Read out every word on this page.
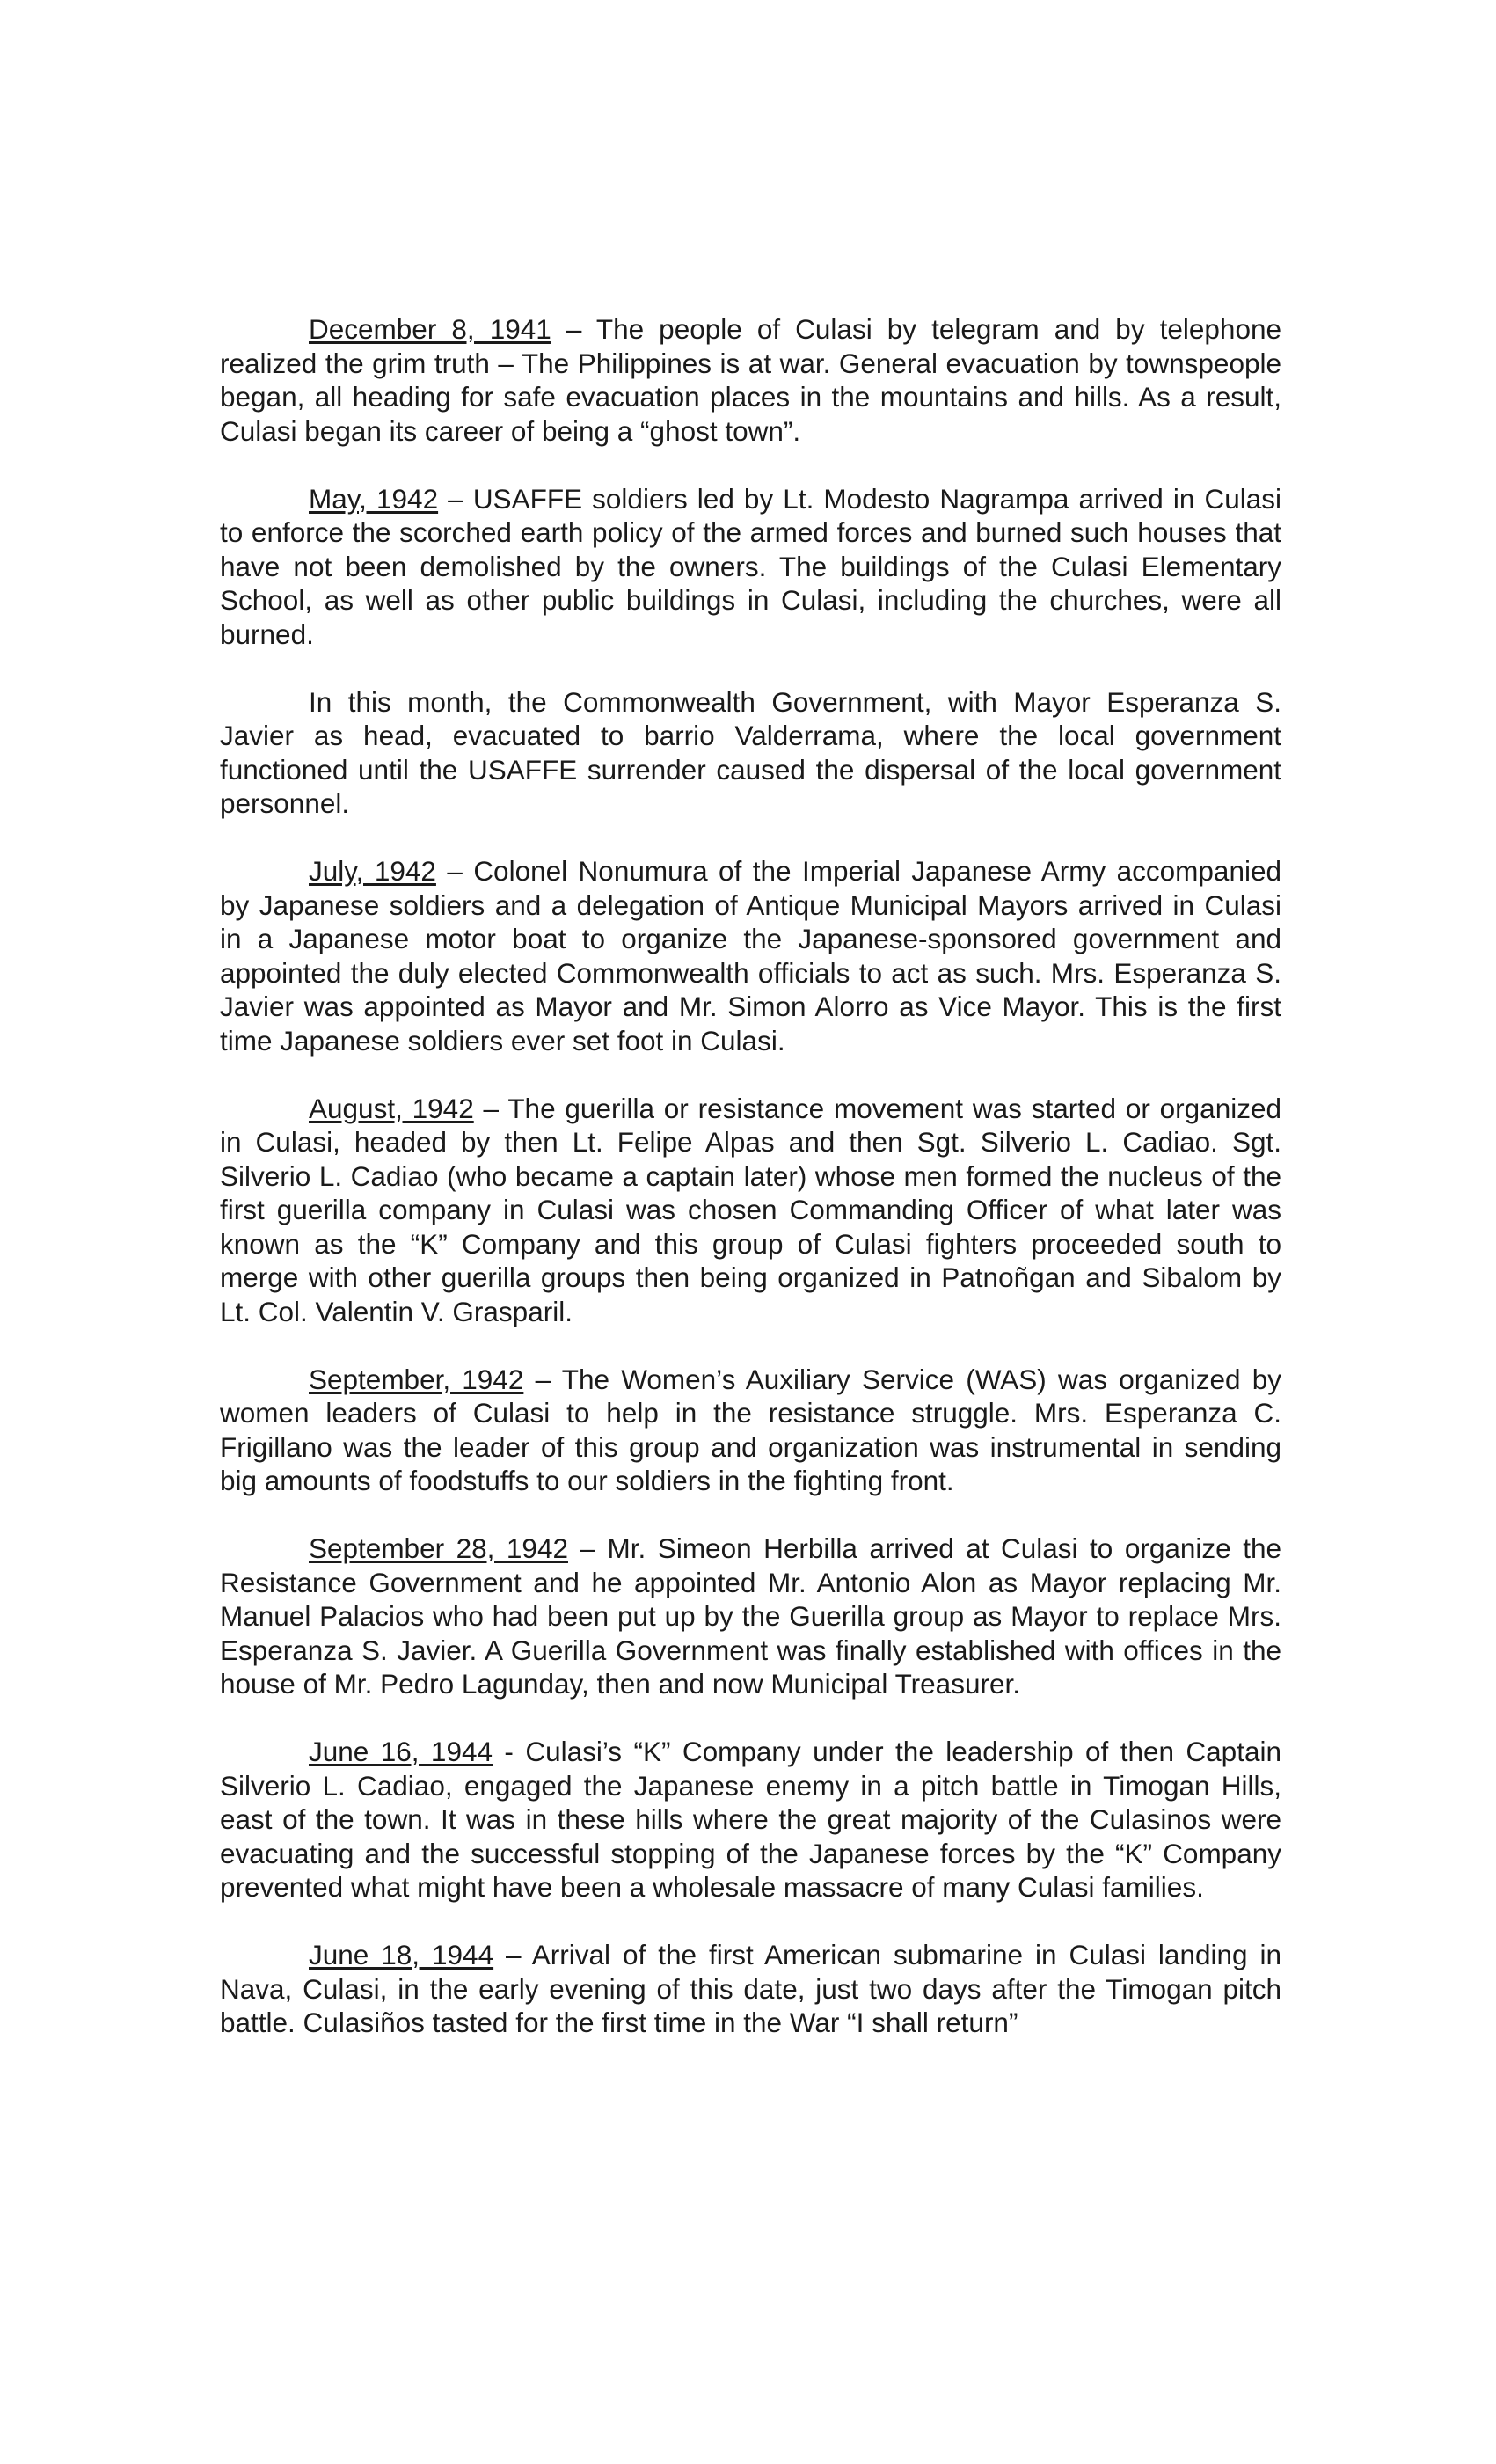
December 8, 1941 – The people of Culasi by telegram and by telephone realized the grim truth – The Philippines is at war. General evacuation by townspeople began, all heading for safe evacuation places in the mountains and hills. As a result, Culasi began its career of being a “ghost town”.

May, 1942 – USAFFE soldiers led by Lt. Modesto Nagrampa arrived in Culasi to enforce the scorched earth policy of the armed forces and burned such houses that have not been demolished by the owners. The buildings of the Culasi Elementary School, as well as other public buildings in Culasi, including the churches, were all burned.

In this month, the Commonwealth Government, with Mayor Esperanza S. Javier as head, evacuated to barrio Valderrama, where the local government functioned until the USAFFE surrender caused the dispersal of the local government personnel.

July, 1942 – Colonel Nonumura of the Imperial Japanese Army accompanied by Japanese soldiers and a delegation of Antique Municipal Mayors arrived in Culasi in a Japanese motor boat to organize the Japanese-sponsored government and appointed the duly elected Commonwealth officials to act as such. Mrs. Esperanza S. Javier was appointed as Mayor and Mr. Simon Alorro as Vice Mayor. This is the first time Japanese soldiers ever set foot in Culasi.

August, 1942 – The guerilla or resistance movement was started or organized in Culasi, headed by then Lt. Felipe Alpas and then Sgt. Silverio L. Cadiao. Sgt. Silverio L. Cadiao (who became a captain later) whose men formed the nucleus of the first guerilla company in Culasi was chosen Commanding Officer of what later was known as the “K” Company and this group of Culasi fighters proceeded south to merge with other guerilla groups then being organized in Patnoñgan and Sibalom by Lt. Col. Valentin V. Grasparil.

September, 1942 – The Women’s Auxiliary Service (WAS) was organized by women leaders of Culasi to help in the resistance struggle. Mrs. Esperanza C. Frigillano was the leader of this group and organization was instrumental in sending big amounts of foodstuffs to our soldiers in the fighting front.

September 28, 1942 – Mr. Simeon Herbilla arrived at Culasi to organize the Resistance Government and he appointed Mr. Antonio Alon as Mayor replacing Mr. Manuel Palacios who had been put up by the Guerilla group as Mayor to replace Mrs. Esperanza S. Javier. A Guerilla Government was finally established with offices in the house of Mr. Pedro Lagunday, then and now Municipal Treasurer.

June 16, 1944 - Culasi’s “K” Company under the leadership of then Captain Silverio L. Cadiao, engaged the Japanese enemy in a pitch battle in Timogan Hills, east of the town. It was in these hills where the great majority of the Culasinos were evacuating and the successful stopping of the Japanese forces by the “K” Company prevented what might have been a wholesale massacre of many Culasi families.

June 18, 1944 – Arrival of the first American submarine in Culasi landing in Nava, Culasi, in the early evening of this date, just two days after the Timogan pitch battle. Culasiños tasted for the first time in the War “I shall return”
